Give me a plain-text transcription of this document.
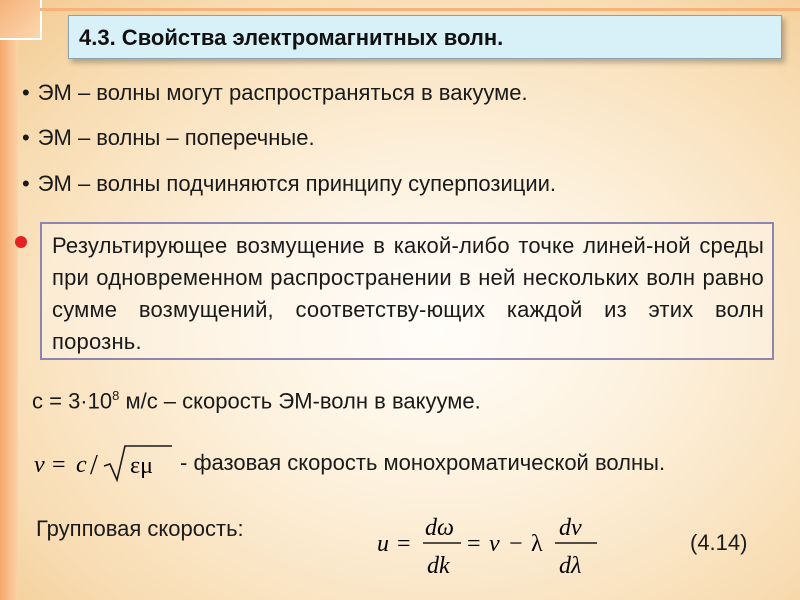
4.3. Свойства электромагнитных волн.
• ЭМ – волны могут распространяться в вакууме.
• ЭМ – волны – поперечные.
• ЭМ – волны подчиняются принципу суперпозиции.
Результирующее возмущение в какой-либо точке линей-ной среды при одновременном распространении в ней нескольких волн равно сумме возмущений, соответству-ющих каждой из этих волн порознь.
$c = 3\cdot 10^8$ м/с – скорость ЭМ-волн в вакууме.
v = c / εμ - фазовая скорость монохроматической волны.
Групповая скорость:
u =
dω
dk
= v − λ
dv
dλ
(4.14)
